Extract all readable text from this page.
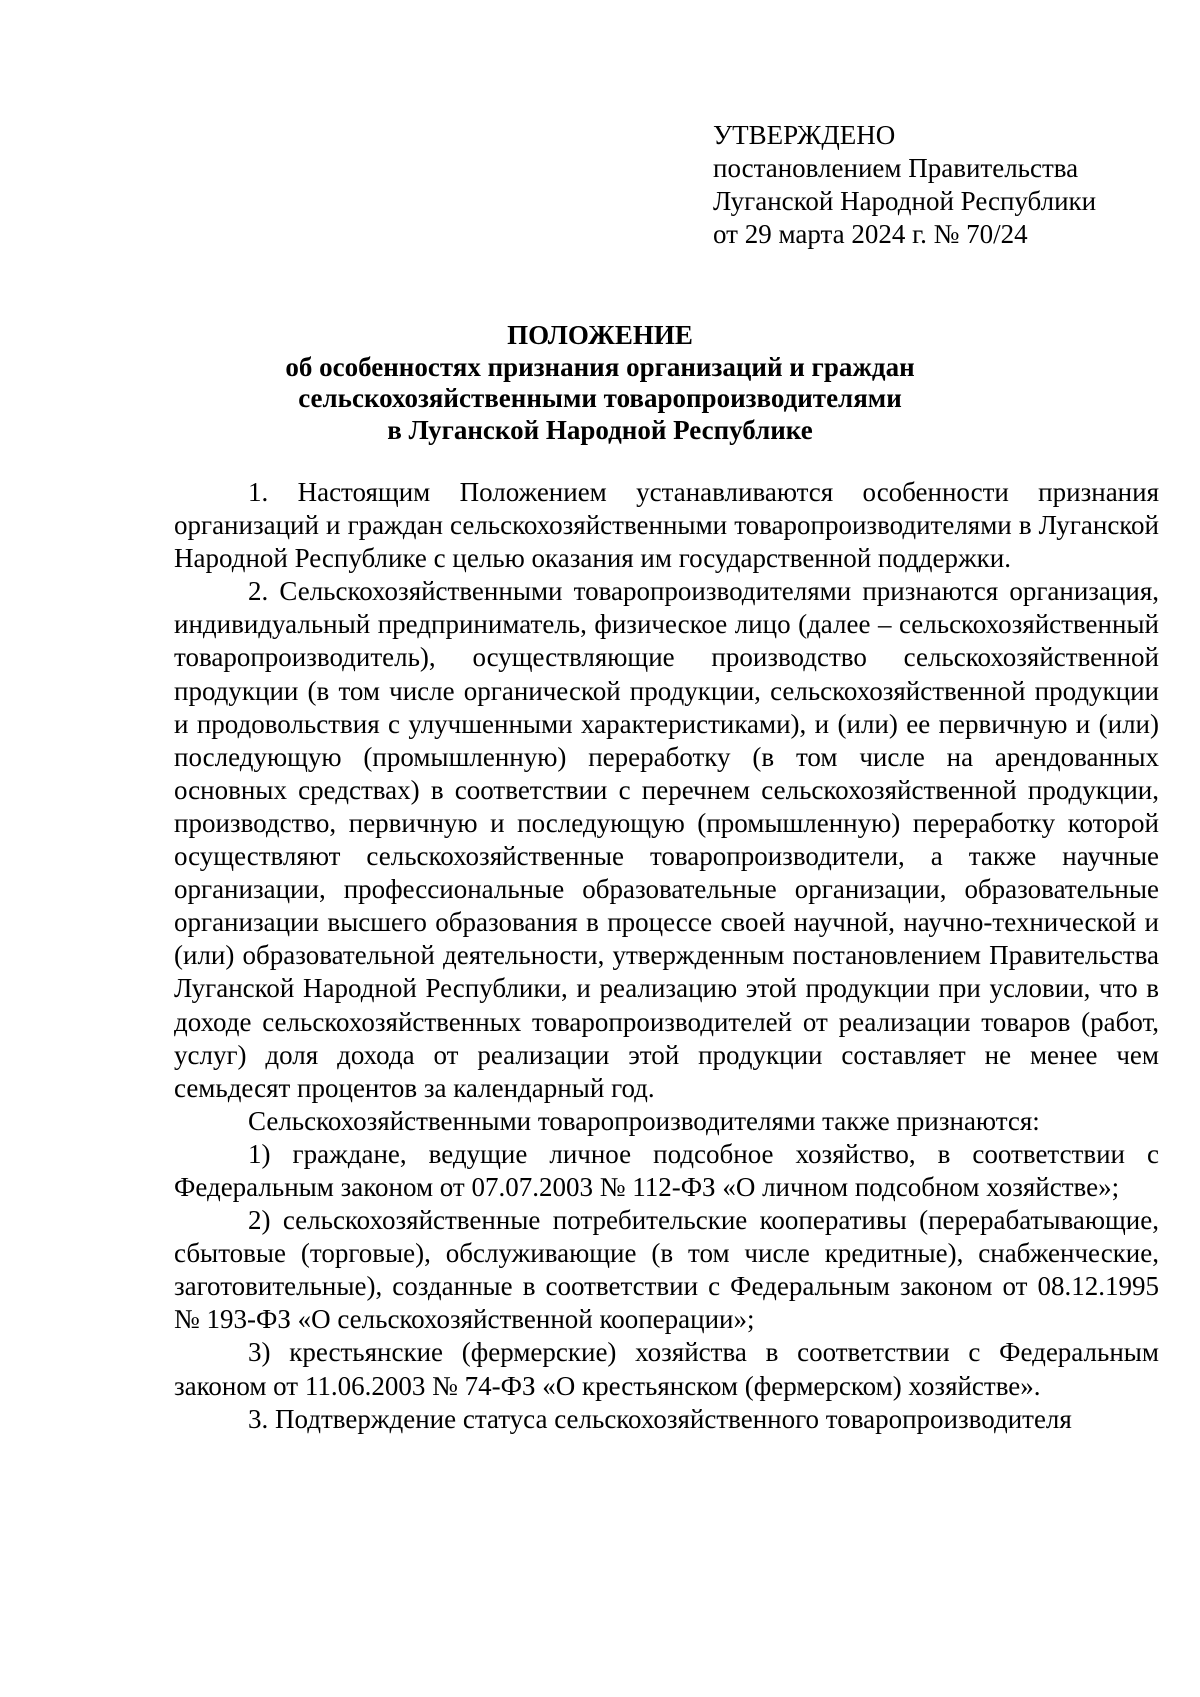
УТВЕРЖДЕНО
постановлением Правительства
Луганской Народной Республики
от 29 марта 2024 г. № 70/24
ПОЛОЖЕНИЕ
об особенностях признания организаций и граждан
сельскохозяйственными товаропроизводителями
в Луганской Народной Республике

1. Настоящим Положением устанавливаются особенности признания организаций и граждан сельскохозяйственными товаропроизводителями в Луганской Народной Республике с целью оказания им государственной поддержки.

2. Сельскохозяйственными товаропроизводителями признаются организация, индивидуальный предприниматель, физическое лицо (далее – сельскохозяйственный товаропроизводитель), осуществляющие производство сельскохозяйственной продукции (в том числе органической продукции, сельскохозяйственной продукции и продовольствия с улучшенными характеристиками), и (или) ее первичную и (или) последующую (промышленную) переработку (в том числе на арендованных основных средствах) в соответствии с перечнем сельскохозяйственной продукции, производство, первичную и последующую (промышленную) переработку которой осуществляют сельскохозяйственные товаропроизводители, а также научные организации, профессиональные образовательные организации, образовательные организации высшего образования в процессе своей научной, научно-технической и (или) образовательной деятельности, утвержденным постановлением Правительства Луганской Народной Республики, и реализацию этой продукции при условии, что в доходе сельскохозяйственных товаропроизводителей от реализации товаров (работ, услуг) доля дохода от реализации этой продукции составляет не менее чем семьдесят процентов за календарный год.

Сельскохозяйственными товаропроизводителями также признаются:

1) граждане, ведущие личное подсобное хозяйство, в соответствии с Федеральным законом от 07.07.2003 № 112-ФЗ «О личном подсобном хозяйстве»;

2) сельскохозяйственные потребительские кооперативы (перерабатывающие, сбытовые (торговые), обслуживающие (в том числе кредитные), снабженческие, заготовительные), созданные в соответствии с Федеральным законом от 08.12.1995 № 193-ФЗ «О сельскохозяйственной кооперации»;

3) крестьянские (фермерские) хозяйства в соответствии с Федеральным законом от 11.06.2003 № 74-ФЗ «О крестьянском (фермерском) хозяйстве».

3. Подтверждение статуса сельскохозяйственного товаропроизводителя
